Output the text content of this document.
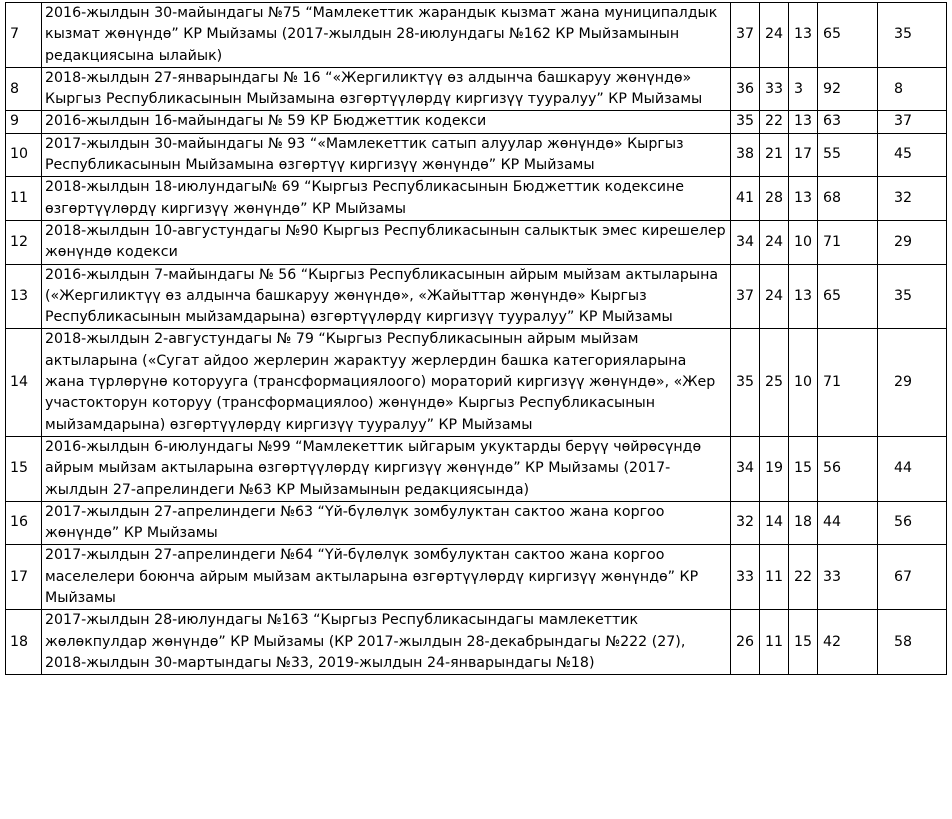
7	2016-жылдын 30-майындагы №75 “Мамлекеттик жарандык кызмат жана муниципалдык кызмат жөнүндө” КР Мыйзамы (2017-жылдын 28-июлундагы №162 КР Мыйзамынын редакциясына ылайык)	37	24	13	65	35
8	2018-жылдын 27-январындагы № 16 “«Жергиликтүү өз алдынча башкаруу жөнүндө» Кыргыз Республикасынын Мыйзамына өзгөртүүлөрдү киргизүү тууралуу” КР Мыйзамы	36	33	3	92	8
9	2016-жылдын 16-майындагы № 59 КР Бюджеттик кодекси	35	22	13	63	37
10	2017-жылдын 30-майындагы № 93 “«Мамлекеттик сатып алуулар жөнүндө» Кыргыз Республикасынын Мыйзамына өзгөртүү киргизүү жөнүндө” КР Мыйзамы	38	21	17	55	45
11	2018-жылдын 18-июлундагы№ 69 “Кыргыз Республикасынын Бюджеттик кодексине өзгөртүүлөрдү киргизүү жөнүндө” КР Мыйзамы	41	28	13	68	32
12	2018-жылдын 10-августундагы №90 Кыргыз Республикасынын салыктык эмес кирешелер жөнүндө кодекси	34	24	10	71	29
13	2016-жылдын 7-майындагы № 56 “Кыргыз Республикасынын айрым мыйзам актыларына («Жергиликтүү өз алдынча башкаруу жөнүндө», «Жайыттар жөнүндө» Кыргыз Республикасынын мыйзамдарына) өзгөртүүлөрдү киргизүү тууралуу” КР Мыйзамы	37	24	13	65	35
14	2018-жылдын 2-августундагы № 79 “Кыргыз Республикасынын айрым мыйзам актыларына («Сугат айдоо жерлерин жарактуу жерлердин башка категорияларына жана түрлөрүнө которууга (трансформациялоого) мораторий киргизүү жөнүндө», «Жер участокторун которуу (трансформациялоо) жөнүндө» Кыргыз Республикасынын мыйзамдарына) өзгөртүүлөрдү киргизүү тууралуу” КР Мыйзамы	35	25	10	71	29
15	2016-жылдын 6-июлундагы №99 “Мамлекеттик ыйгарым укуктарды берүү чөйрөсүндө айрым мыйзам актыларына өзгөртүүлөрдү киргизүү жөнүндө” КР Мыйзамы (2017-жылдын 27-апрелиндеги №63 КР Мыйзамынын редакциясында)	34	19	15	56	44
16	2017-жылдын 27-апрелиндеги №63 “Үй-бүлөлүк зомбулуктан сактоо жана коргоо жөнүндө” КР Мыйзамы	32	14	18	44	56
17	2017-жылдын 27-апрелиндеги №64 “Үй-бүлөлүк зомбулуктан сактоо жана коргоо маселелери боюнча айрым мыйзам актыларына өзгөртүүлөрдү киргизүү жөнүндө” КР Мыйзамы	33	11	22	33	67
18	2017-жылдын 28-июлундагы №163 “Кыргыз Республикасындагы мамлекеттик жөлөкпулдар жөнүндө” КР Мыйзамы (КР 2017-жылдын 28-декабрындагы №222 (27), 2018-жылдын 30-мартындагы №33, 2019-жылдын 24-январындагы №18)	26	11	15	42	58
